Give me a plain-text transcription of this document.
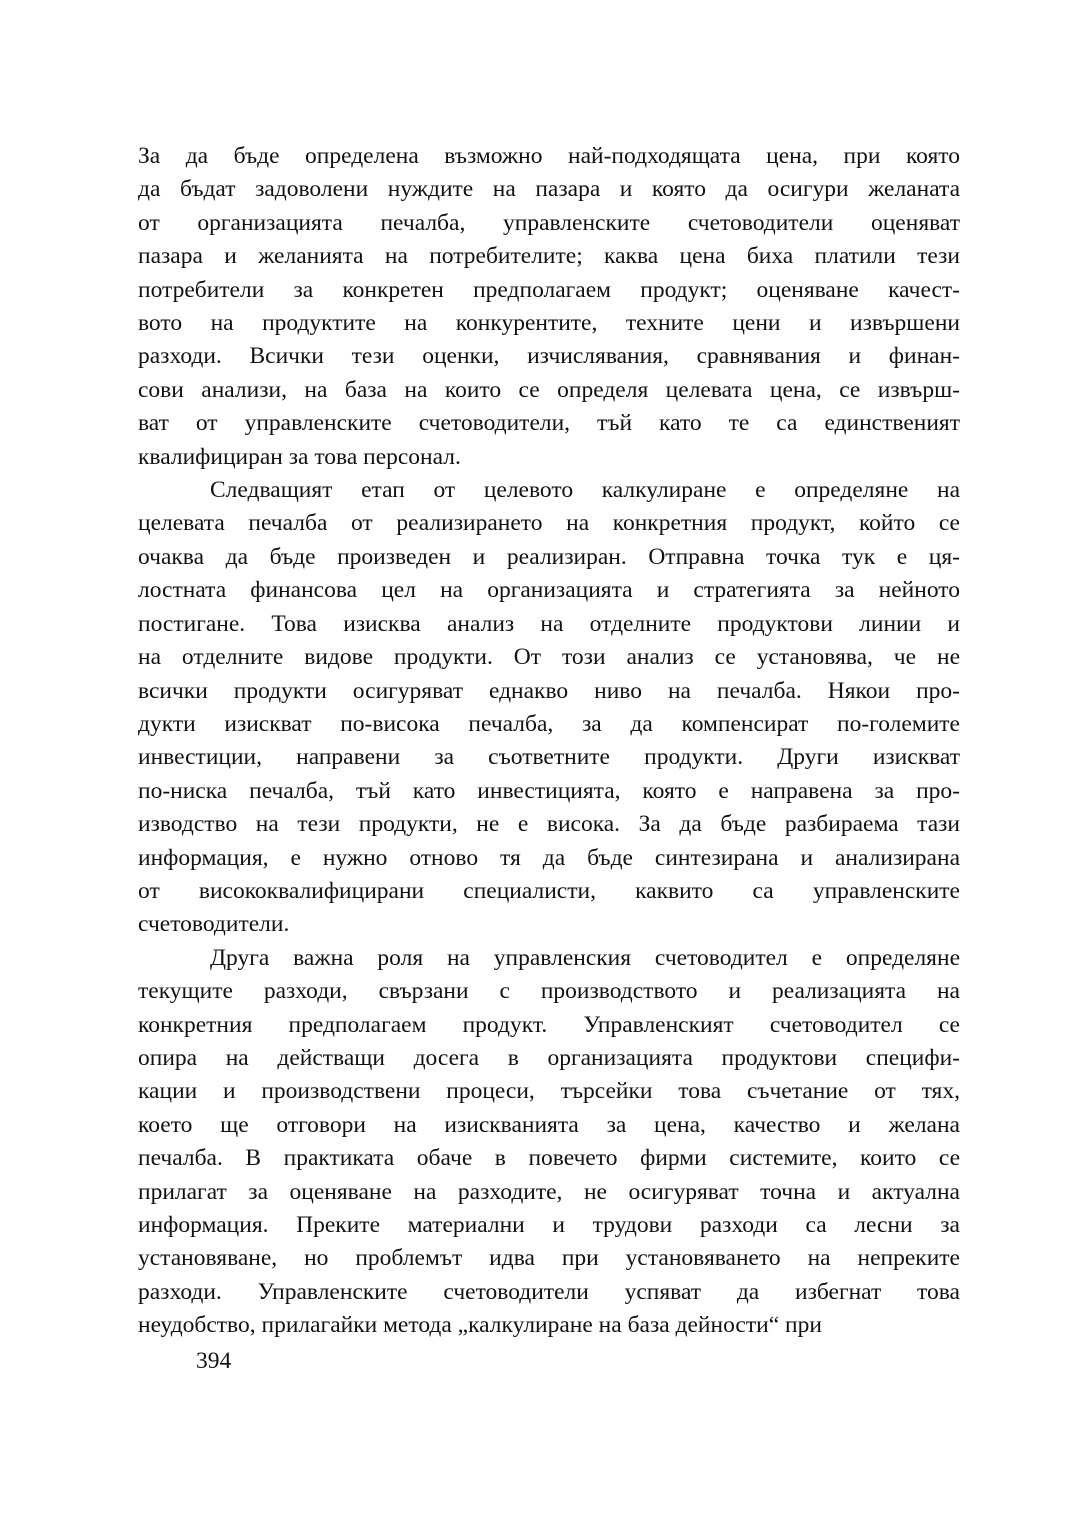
За да бъде определена възможно най-подходящата цена, при която
да бъдат задоволени нуждите на пазара и която да осигури желаната
от организацията печалба, управленските счетоводители оценяват
пазара и желанията на потребителите; каква цена биха платили тези
потребители за конкретен предполагаем продукт; оценяване качест-
вото на продуктите на конкурентите, техните цени и извършени
разходи. Всички тези оценки, изчислявания, сравнявания и финан-
сови анализи, на база на които се определя целевата цена, се извърш-
ват от управленските счетоводители, тъй като те са единственият
квалифициран за това персонал.
Следващият етап от целевото калкулиране е определяне на
целевата печалба от реализирането на конкретния продукт, който се
очаква да бъде произведен и реализиран. Отправна точка тук е ця-
лостната финансова цел на организацията и стратегията за нейното
постигане. Това изисква анализ на отделните продуктови линии и
на отделните видове продукти. От този анализ се установява, че не
всички продукти осигуряват еднакво ниво на печалба. Някои про-
дукти изискват по-висока печалба, за да компенсират по-големите
инвестиции, направени за съответните продукти. Други изискват
по-ниска печалба, тъй като инвестицията, която е направена за про-
изводство на тези продукти, не е висока. За да бъде разбираема тази
информация, е нужно отново тя да бъде синтезирана и анализирана
от висококвалифицирани специалисти, каквито са управленските
счетоводители.
Друга важна роля на управленския счетоводител е определяне
текущите разходи, свързани с производството и реализацията на
конкретния предполагаем продукт. Управленският счетоводител се
опира на действащи досега в организацията продуктови специфи-
кации и производствени процеси, търсейки това съчетание от тях,
което ще отговори на изискванията за цена, качество и желана
печалба. В практиката обаче в повечето фирми системите, които се
прилагат за оценяване на разходите, не осигуряват точна и актуална
информация. Преките материални и трудови разходи са лесни за
установяване, но проблемът идва при установяването на непреките
разходи. Управленските счетоводители успяват да избегнат това
неудобство, прилагайки метода „калкулиране на база дейности“ при
394
